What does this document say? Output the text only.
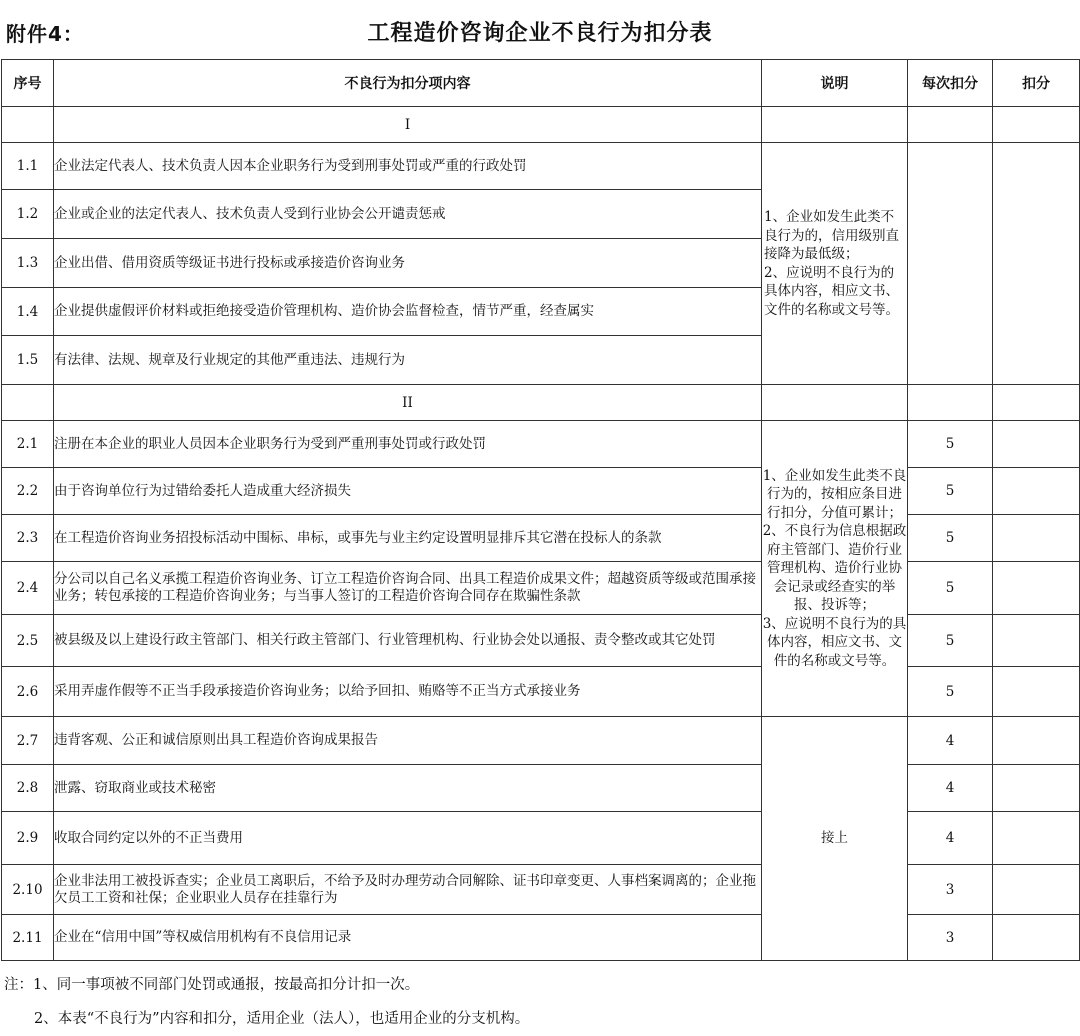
附件4：	工程造价咨询企业不良行为扣分表
序号	不良行为扣分项内容	说明	每次扣分	扣分
	I			
1.1	企业法定代表人、技术负责人因本企业职务行为受到刑事处罚或严重的行政处罚	1、企业如发生此类不良行为的，信用级别直接降为最低级；
2、应说明不良行为的具体内容，相应文书、文件的名称或文号等。		

1.2	企业或企业的法定代表人、技术负责人受到行业协会公开谴责惩戒			
1.3	企业出借、借用资质等级证书进行投标或承接造价咨询业务			
1.4	企业提供虚假评价材料或拒绝接受造价管理机构、造价协会监督检查，情节严重，经查属实			
1.5	有法律、法规、规章及行业规定的其他严重违法、违规行为			
	II			
2.1	注册在本企业的职业人员因本企业职务行为受到严重刑事处罚或行政处罚	1、企业如发生此类不良行为的，按相应条目进行扣分，分值可累计；
2、不良行为信息根据政府主管部门、造价行业管理机构、造价行业协会记录或经查实的举报、投诉等；
3、应说明不良行为的具体内容，相应文书、文件的名称或文号等。	5	
2.2	由于咨询单位行为过错给委托人造成重大经济损失		5	
2.3	在工程造价咨询业务招投标活动中围标、串标，或事先与业主约定设置明显排斥其它潜在投标人的条款		5	
2.4	分公司以自己名义承揽工程造价咨询业务、订立工程造价咨询合同、出具工程造价成果文件；超越资质等级或范围承接业务；转包承接的工程造价咨询业务；与当事人签订的工程造价咨询合同存在欺骗性条款		5	
2.5	被县级及以上建设行政主管部门、相关行政主管部门、行业管理机构、行业协会处以通报、责令整改或其它处罚		5	
2.6	采用弄虚作假等不正当手段承接造价咨询业务；以给予回扣、贿赂等不正当方式承接业务		5	
2.7	违背客观、公正和诚信原则出具工程造价咨询成果报告	接上	4	
2.8	泄露、窃取商业或技术秘密		4	
2.9	收取合同约定以外的不正当费用		4	
2.10	企业非法用工被投诉查实；企业员工离职后，不给予及时办理劳动合同解除、证书印章变更、人事档案调离的；企业拖欠员工工资和社保；企业职业人员存在挂靠行为		3	
2.11	企业在“信用中国”等权威信用机构有不良信用记录		3	
注：1、同一事项被不同部门处罚或通报，按最高扣分计扣一次。
2、本表“不良行为”内容和扣分，适用企业（法人），也适用企业的分支机构。
